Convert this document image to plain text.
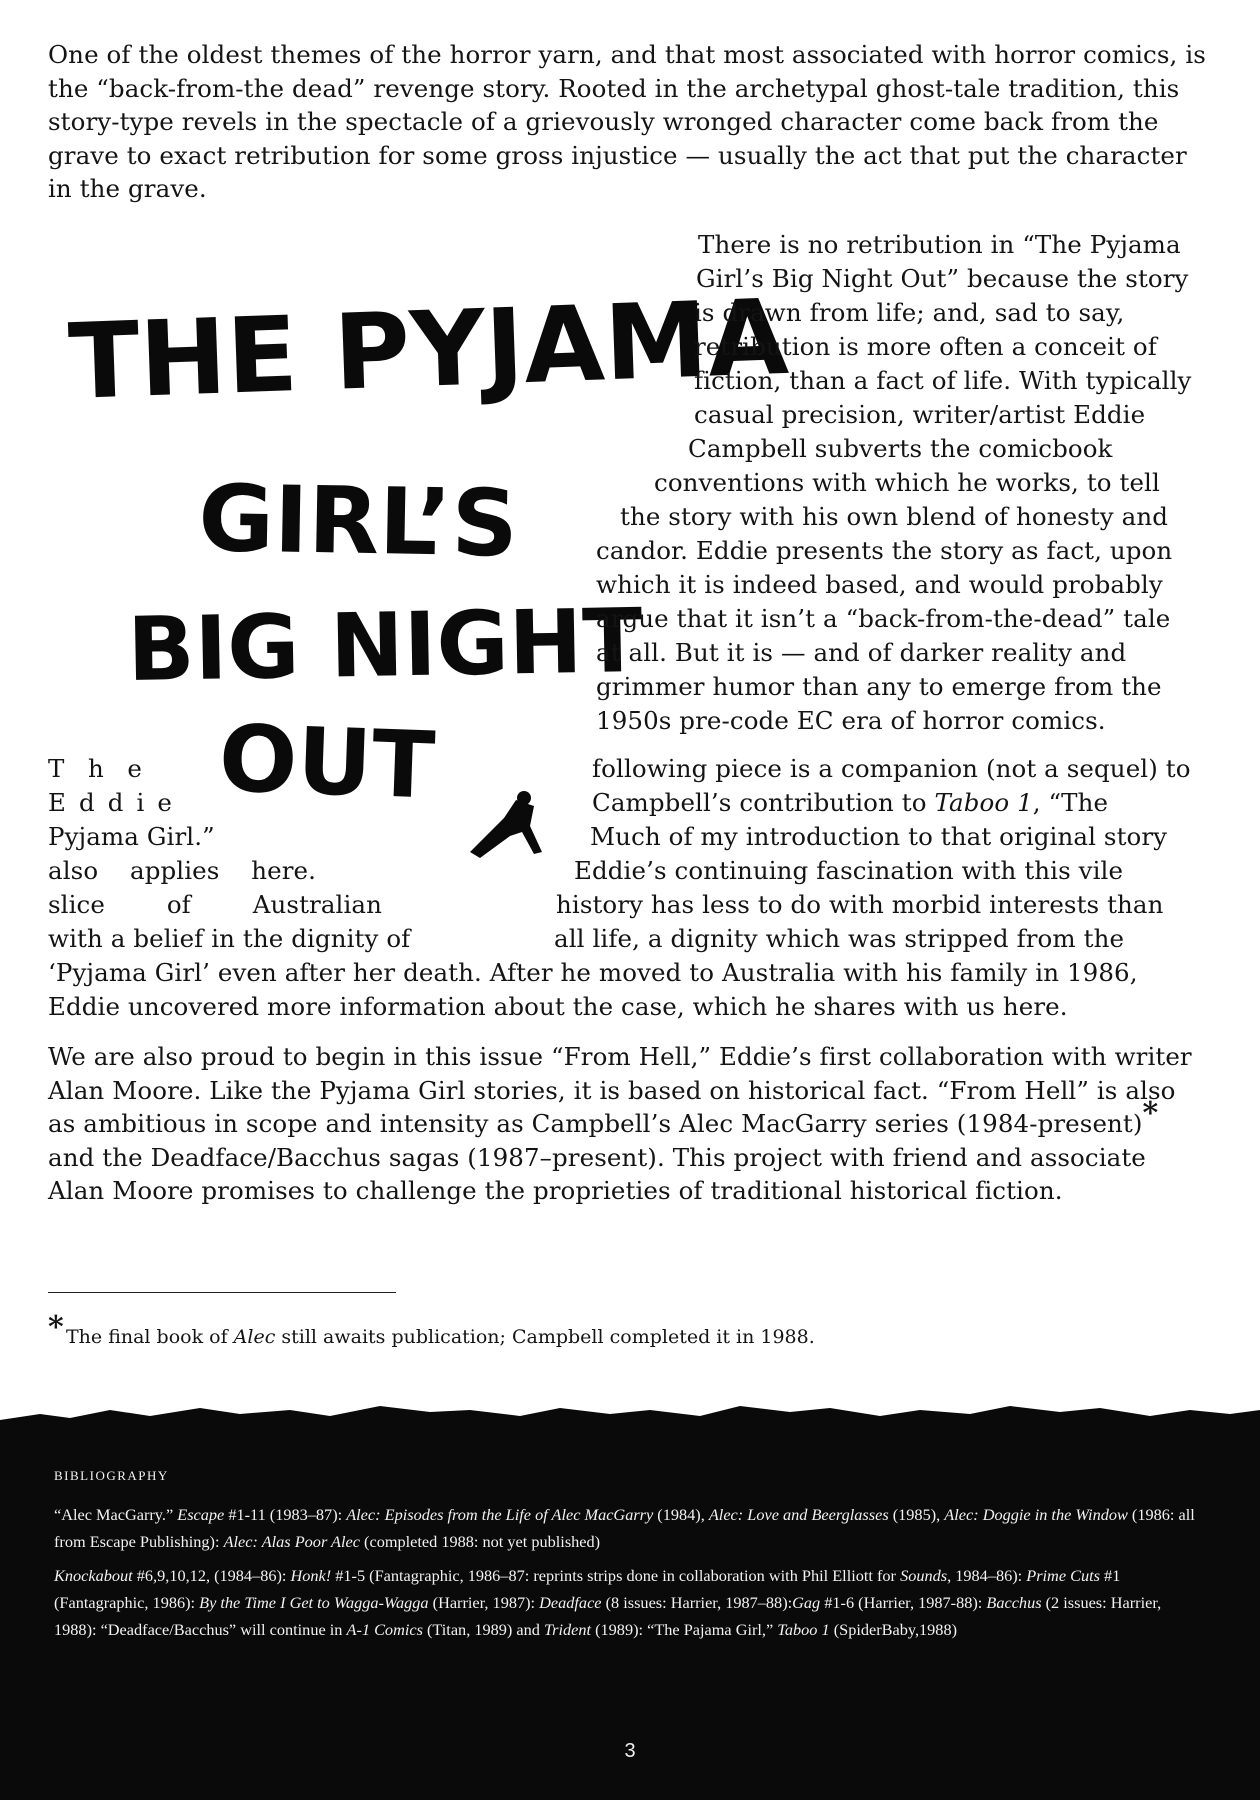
One of the oldest themes of the horror yarn, and that most associated with horror comics, is the “back-from-the dead” revenge story. Rooted in the archetypal ghost-tale tradition, this story-type revels in the spectacle of a grievously wronged character come back from the grave to exact retribution for some gross injustice — usually the act that put the character in the grave.

THE PYJAMA
GIRL’S
BIG NIGHT
OUT
There is no retribution in “The Pyjama
Girl’s Big Night Out” because the story
is drawn from life; and, sad to say,
retribution is more often a conceit of
fiction, than a fact of life. With typically
casual precision, writer/artist Eddie
Campbell subverts the comicbook
conventions with which he works, to tell
the story with his own blend of honesty and
candor. Eddie presents the story as fact, upon
which it is indeed based, and would probably
argue that it isn’t a “back-from-the-dead” tale
at all. But it is — and of darker reality and
grimmer humor than any to emerge from the
1950s pre-code EC era of horror comics.
T h e	following piece is a companion (not a sequel) to
E d d i e	Campbell’s contribution to Taboo 1, “The
Pyjama Girl.”	Much of my introduction to that original story
also applies here.	Eddie’s continuing fascination with this vile
slice	of	Australian	history has less to do with morbid interests than
with a belief in the dignity of	all life, a dignity which was stripped from the
‘Pyjama Girl’ even after her death. After he moved to Australia with his family in 1986,
Eddie uncovered more information about the case, which he shares with us here.

We are also proud to begin in this issue “From Hell,” Eddie’s first collaboration with writer Alan Moore. Like the Pyjama Girl stories, it is based on historical fact. “From Hell” is also as ambitious in scope and intensity as Campbell’s Alec MacGarry series (1984-present)* and the Deadface/Bacchus sagas (1987–present). This project with friend and associate Alan Moore promises to challenge the proprieties of traditional historical fiction.

* The final book of Alec still awaits publication; Campbell completed it in 1988.
BIBLIOGRAPHY

“Alec MacGarry.” Escape #1-11 (1983–87): Alec: Episodes from the Life of Alec MacGarry (1984), Alec: Love and Beerglasses (1985), Alec: Doggie in the Window (1986: all from Escape Publishing): Alec: Alas Poor Alec (completed 1988: not yet published)

Knockabout #6,9,10,12, (1984–86): Honk! #1-5 (Fantagraphic, 1986–87: reprints strips done in collaboration with Phil Elliott for Sounds, 1984–86): Prime Cuts #1 (Fantagraphic, 1986): By the Time I Get to Wagga-Wagga (Harrier, 1987): Deadface (8 issues: Harrier, 1987–88):Gag #1-6 (Harrier, 1987-88): Bacchus (2 issues: Harrier, 1988): “Deadface/Bacchus” will continue in A-1 Comics (Titan, 1989) and Trident (1989): “The Pajama Girl,” Taboo 1 (SpiderBaby,1988)

3
